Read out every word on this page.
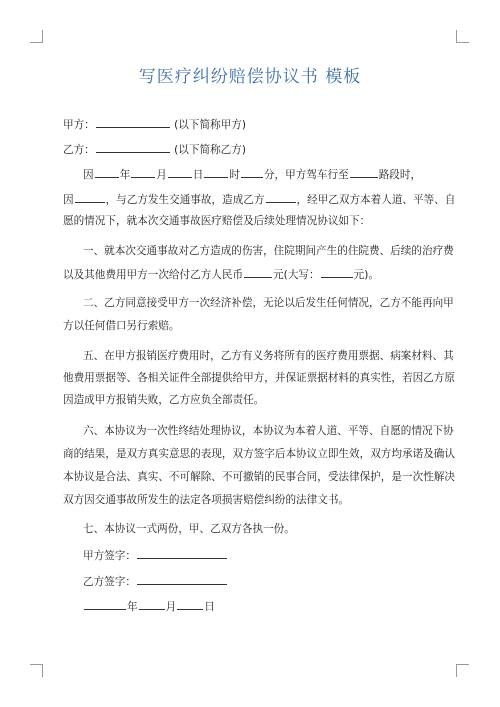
写医疗纠纷赔偿协议书 模板
甲方：	(以下简称甲方)
乙方：	(以下简称乙方)
因 年 月 日 时 分，甲方驾车行至	路段时，
因	，与乙方发生交通事故，造成乙方	，经甲乙双方本着人道、平等、自
愿的情况下，就本次交通事故医疗赔偿及后续处理情况协议如下：
一、就本次交通事故对乙方造成的伤害，住院期间产生的住院费、后续的治疗费
以及其他费用甲方一次给付乙方人民币	元(大写：	元)。
二、乙方同意接受甲方一次经济补偿，无论以后发生任何情况，乙方不能再向甲
方以任何借口另行索赔。
五、在甲方报销医疗费用时，乙方有义务将所有的医疗费用票据、病案材料、其
他费用票据等、各相关证件全部提供给甲方，并保证票据材料的真实性，若因乙方原
因造成甲方报销失败，乙方应负全部责任。
六、本协议为一次性终结处理协议，本协议为本着人道、平等、自愿的情况下协
商的结果，是双方真实意思的表现，双方签字后本协议立即生效，双方均承诺及确认
本协议是合法、真实、不可解除、不可撤销的民事合同，受法律保护，是一次性解决
双方因交通事故所发生的法定各项损害赔偿纠纷的法律文书。
七、本协议一式两份，甲、乙双方各执一份。
甲方签字：
乙方签字：
年	月	日
